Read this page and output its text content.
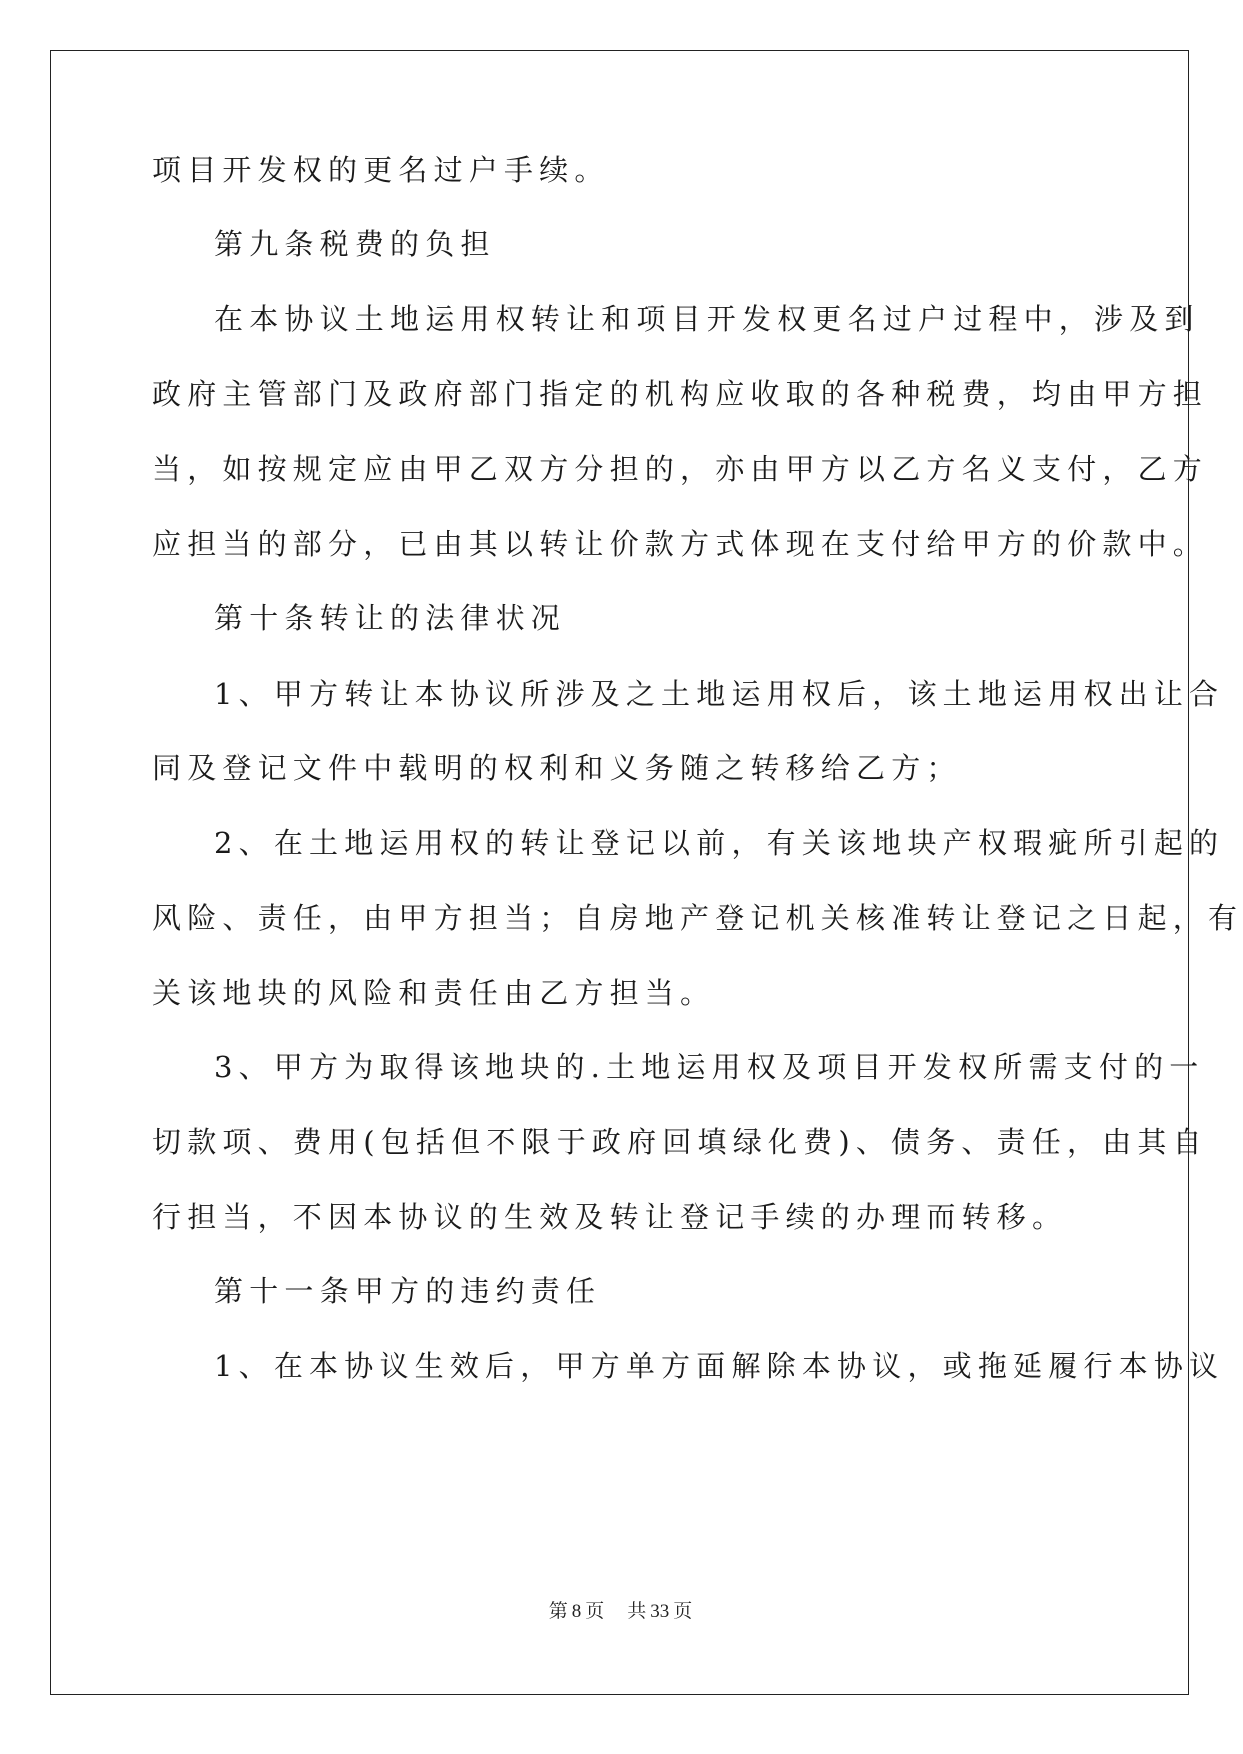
项目开发权的更名过户手续。
第九条税费的负担
在本协议土地运用权转让和项目开发权更名过户过程中，涉及到
政府主管部门及政府部门指定的机构应收取的各种税费，均由甲方担
当，如按规定应由甲乙双方分担的，亦由甲方以乙方名义支付，乙方
应担当的部分，已由其以转让价款方式体现在支付给甲方的价款中。
第十条转让的法律状况
1、甲方转让本协议所涉及之土地运用权后，该土地运用权出让合
同及登记文件中载明的权利和义务随之转移给乙方；
2、在土地运用权的转让登记以前，有关该地块产权瑕疵所引起的
风险、责任，由甲方担当；自房地产登记机关核准转让登记之日起，有
关该地块的风险和责任由乙方担当。
3、甲方为取得该地块的.土地运用权及项目开发权所需支付的一
切款项、费用(包括但不限于政府回填绿化费)、债务、责任，由其自
行担当，不因本协议的生效及转让登记手续的办理而转移。
第十一条甲方的违约责任
1、在本协议生效后，甲方单方面解除本协议，或拖延履行本协议
第 8 页 共 33 页
